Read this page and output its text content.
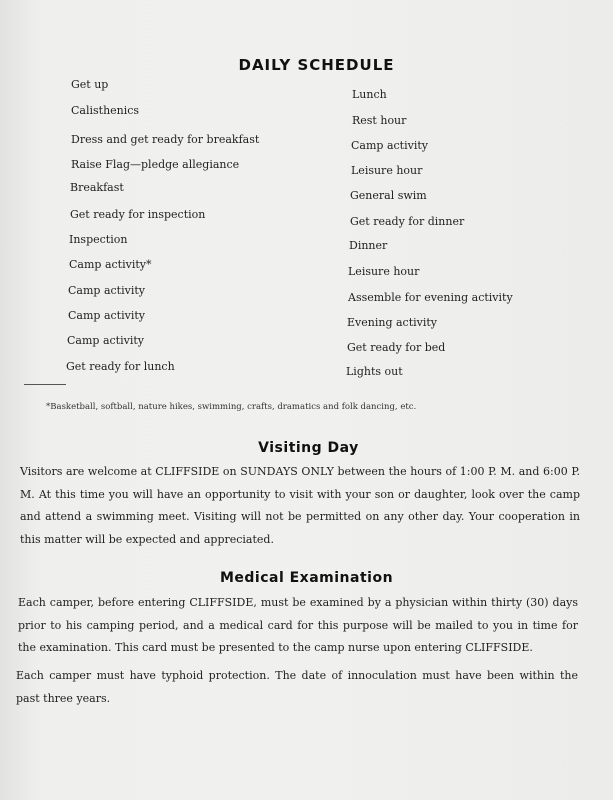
DAILY SCHEDULE
Get up
Calisthenics
Dress and get ready for breakfast
Raise Flag—pledge allegiance
Breakfast
Get ready for inspection
Inspection
Camp activity*
Camp activity
Camp activity
Camp activity
Get ready for lunch
Lunch
Rest hour
Camp activity
Leisure hour
General swim
Get ready for dinner
Dinner
Leisure hour
Assemble for evening activity
Evening activity
Get ready for bed
Lights out
*Basketball, softball, nature hikes, swimming, crafts, dramatics and folk dancing, etc.
Visiting Day

Visitors are welcome at CLIFFSIDE on SUNDAYS ONLY between the hours of 1:00 P. M. and 6:00 P. M. At this time you will have an opportunity to visit with your son or daughter, look over the camp and attend a swimming meet. Visiting will not be permitted on any other day. Your cooperation in this matter will be expected and appreciated.

Medical Examination

Each camper, before entering CLIFFSIDE, must be examined by a physician within thirty (30) days prior to his camping period, and a medical card for this purpose will be mailed to you in time for the examination. This card must be presented to the camp nurse upon entering CLIFFSIDE.

Each camper must have typhoid protection. The date of innoculation must have been within the past three years.
